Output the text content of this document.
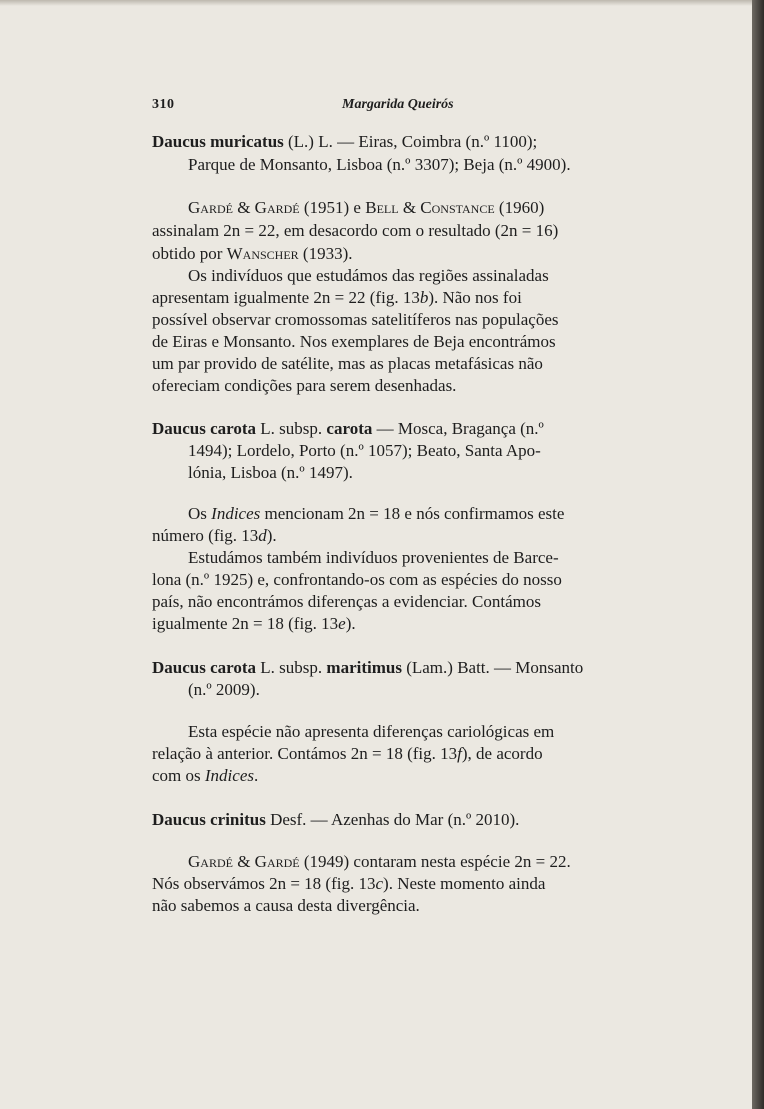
310	Margarida Queirós
Daucus muricatus (L.) L. — Eiras, Coimbra (n.º 1100);
Parque de Monsanto, Lisboa (n.º 3307); Beja (n.º 4900).
Gardé & Gardé (1951) e Bell & Constance (1960)
assinalam 2n = 22, em desacordo com o resultado (2n = 16)
obtido por Wanscher (1933).
Os indivíduos que estudámos das regiões assinaladas
apresentam igualmente 2n = 22 (fig. 13b). Não nos foi
possível observar cromossomas satelitíferos nas populações
de Eiras e Monsanto. Nos exemplares de Beja encontrámos
um par provido de satélite, mas as placas metafásicas não
ofereciam condições para serem desenhadas.
Daucus carota L. subsp. carota — Mosca, Bragança (n.º
1494); Lordelo, Porto (n.º 1057); Beato, Santa Apo-
lónia, Lisboa (n.º 1497).
Os Indices mencionam 2n = 18 e nós confirmamos este
número (fig. 13d).
Estudámos também indivíduos provenientes de Barce-
lona (n.º 1925) e, confrontando-os com as espécies do nosso
país, não encontrámos diferenças a evidenciar. Contámos
igualmente 2n = 18 (fig. 13e).
Daucus carota L. subsp. maritimus (Lam.) Batt. — Monsanto
(n.º 2009).
Esta espécie não apresenta diferenças cariológicas em
relação à anterior. Contámos 2n = 18 (fig. 13f), de acordo
com os Indices.
Daucus crinitus Desf. — Azenhas do Mar (n.º 2010).
Gardé & Gardé (1949) contaram nesta espécie 2n = 22.
Nós observámos 2n = 18 (fig. 13c). Neste momento ainda
não sabemos a causa desta divergência.
